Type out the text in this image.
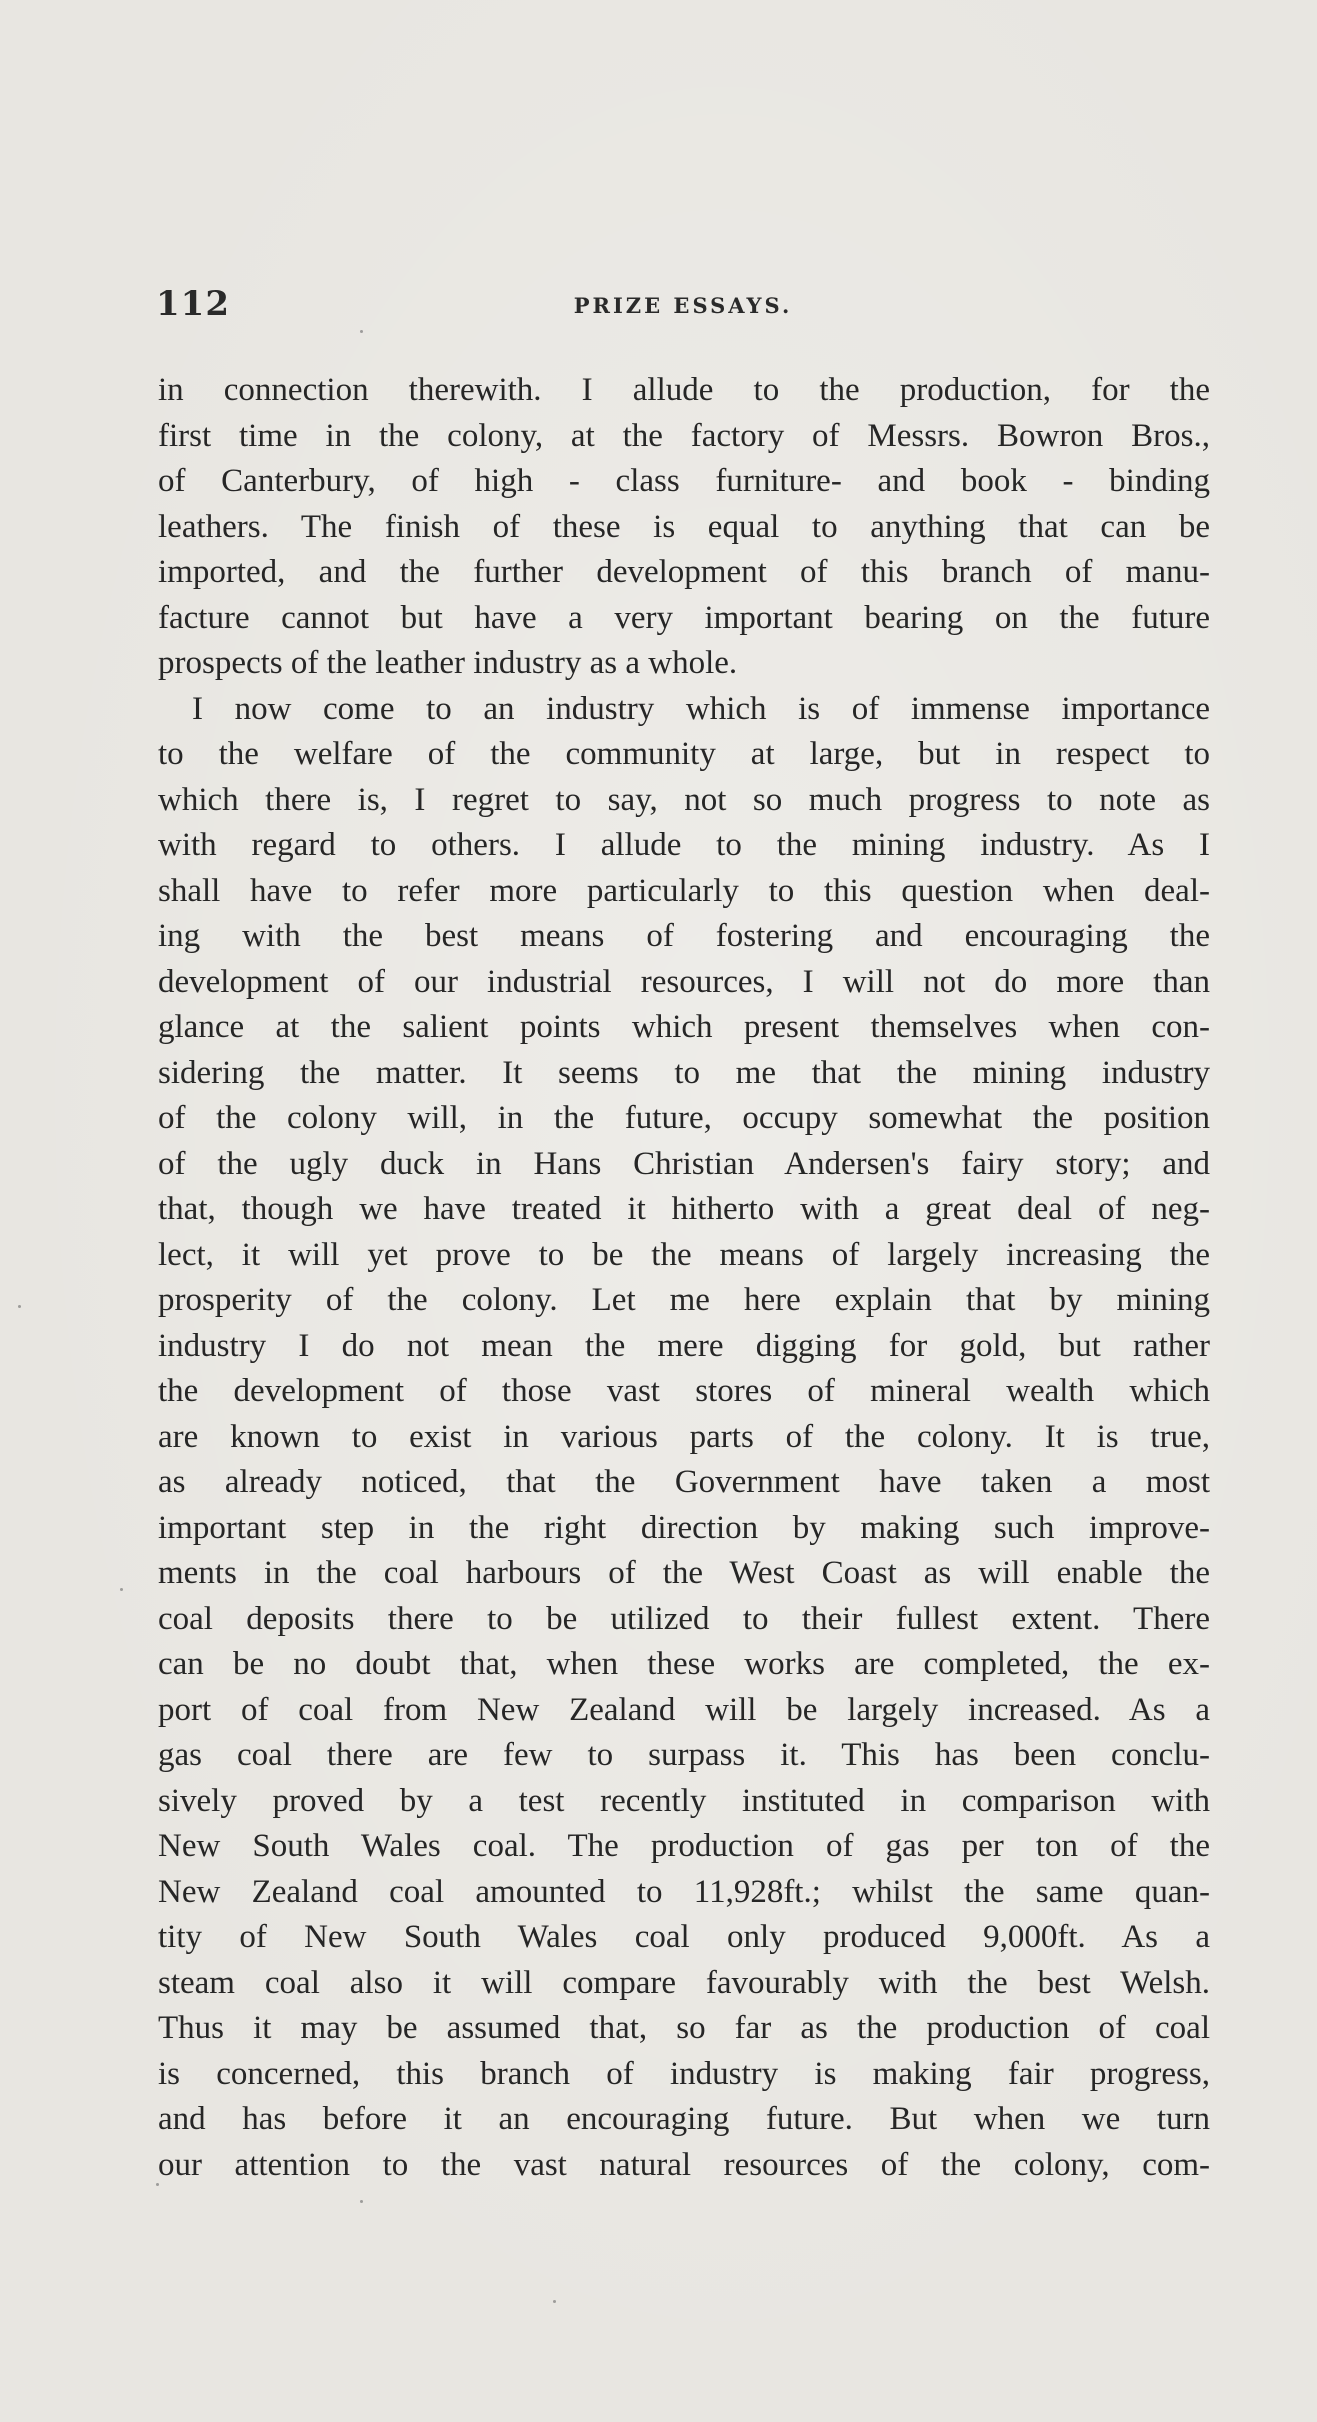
112	PRIZE ESSAYS.
in connection therewith. I allude to the production, for the
first time in the colony, at the factory of Messrs. Bowron Bros.,
of Canterbury, of high - class furniture- and book - binding
leathers. The finish of these is equal to anything that can be
imported, and the further development of this branch of manu-
facture cannot but have a very important bearing on the future
prospects of the leather industry as a whole.
I now come to an industry which is of immense importance
to the welfare of the community at large, but in respect to
which there is, I regret to say, not so much progress to note as
with regard to others. I allude to the mining industry. As I
shall have to refer more particularly to this question when deal-
ing with the best means of fostering and encouraging the
development of our industrial resources, I will not do more than
glance at the salient points which present themselves when con-
sidering the matter. It seems to me that the mining industry
of the colony will, in the future, occupy somewhat the position
of the ugly duck in Hans Christian Andersen's fairy story; and
that, though we have treated it hitherto with a great deal of neg-
lect, it will yet prove to be the means of largely increasing the
prosperity of the colony. Let me here explain that by mining
industry I do not mean the mere digging for gold, but rather
the development of those vast stores of mineral wealth which
are known to exist in various parts of the colony. It is true,
as already noticed, that the Government have taken a most
important step in the right direction by making such improve-
ments in the coal harbours of the West Coast as will enable the
coal deposits there to be utilized to their fullest extent. There
can be no doubt that, when these works are completed, the ex-
port of coal from New Zealand will be largely increased. As a
gas coal there are few to surpass it. This has been conclu-
sively proved by a test recently instituted in comparison with
New South Wales coal. The production of gas per ton of the
New Zealand coal amounted to 11,928ft.; whilst the same quan-
tity of New South Wales coal only produced 9,000ft. As a
steam coal also it will compare favourably with the best Welsh.
Thus it may be assumed that, so far as the production of coal
is concerned, this branch of industry is making fair progress,
and has before it an encouraging future. But when we turn
our attention to the vast natural resources of the colony, com-
